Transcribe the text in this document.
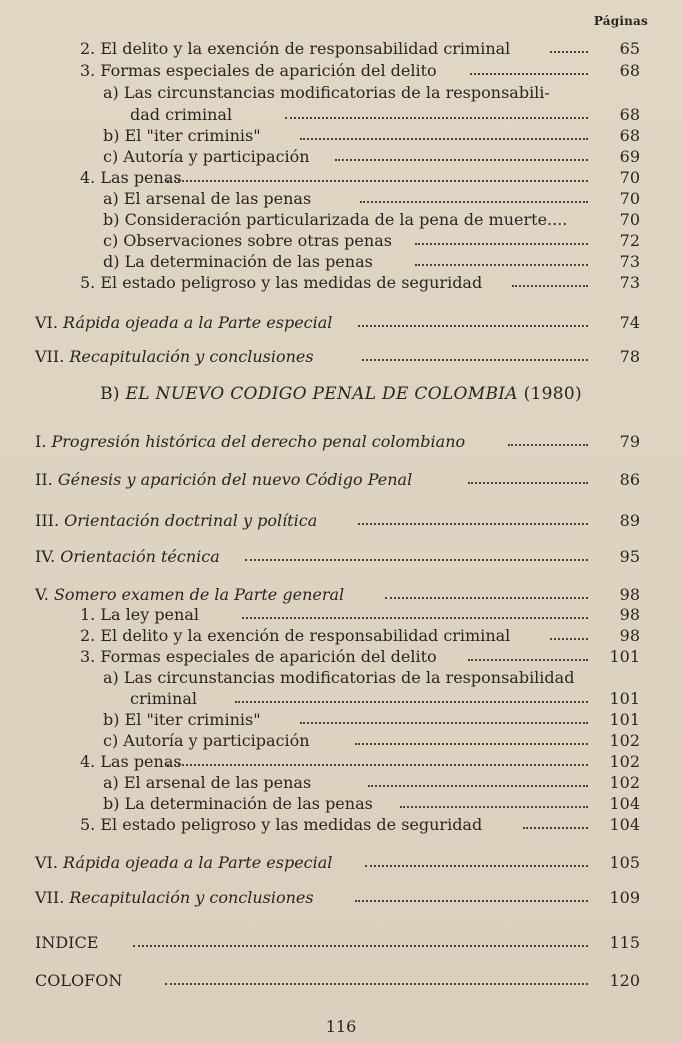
Páginas
2. El delito y la exención de responsabilidad criminal	65
3. Formas especiales de aparición del delito	68
a) Las circunstancias modificatorias de la responsabili-
dad criminal	68
b) El "iter criminis"	68
c) Autoría y participación	69
4. Las penas	70
a) El arsenal de las penas	70
b) Consideración particularizada de la pena de muerte....	70
c) Observaciones sobre otras penas	72
d) La determinación de las penas	73
5. El estado peligroso y las medidas de seguridad	73
VI. Rápida ojeada a la Parte especial	74
VII. Recapitulación y conclusiones	78
I. Progresión histórica del derecho penal colombiano	79
II. Génesis y aparición del nuevo Código Penal	86
III. Orientación doctrinal y política	89
IV. Orientación técnica	95
V. Somero examen de la Parte general	98
1. La ley penal	98
2. El delito y la exención de responsabilidad criminal	98
3. Formas especiales de aparición del delito	101
a) Las circunstancias modificatorias de la responsabilidad
criminal	101
b) El "iter criminis"	101
c) Autoría y participación	102
4. Las penas	102
a) El arsenal de las penas	102
b) La determinación de las penas	104
5. El estado peligroso y las medidas de seguridad	104
VI. Rápida ojeada a la Parte especial	105
VII. Recapitulación y conclusiones	109
INDICE	115
COLOFON	120
B) EL NUEVO CODIGO PENAL DE COLOMBIA (1980)
116
